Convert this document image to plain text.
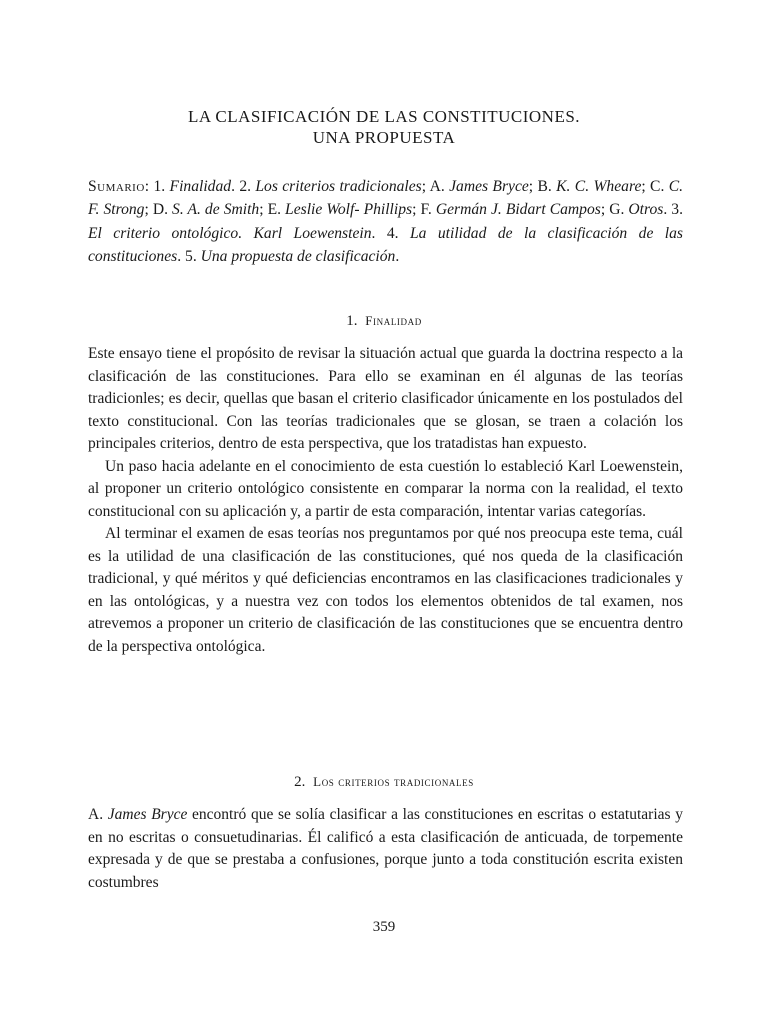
LA CLASIFICACIÓN DE LAS CONSTITUCIONES.
UNA PROPUESTA
Sumario: 1. Finalidad. 2. Los criterios tradicionales; A. James Bryce; B. K. C. Wheare; C. C. F. Strong; D. S. A. de Smith; E. Leslie Wolf- Phillips; F. Germán J. Bidart Campos; G. Otros. 3. El criterio ontológico. Karl Loewenstein. 4. La utilidad de la clasificación de las constituciones. 5. Una propuesta de clasificación.
1. Finalidad

Este ensayo tiene el propósito de revisar la situación actual que guarda la doctrina respecto a la clasificación de las constituciones. Para ello se examinan en él algunas de las teorías tradicionles; es decir, quellas que basan el criterio clasificador únicamente en los postulados del texto constitucional. Con las teorías tradicionales que se glosan, se traen a colación los principales criterios, dentro de esta perspectiva, que los tratadistas han expuesto.

Un paso hacia adelante en el conocimiento de esta cuestión lo estableció Karl Loewenstein, al proponer un criterio ontológico consistente en comparar la norma con la realidad, el texto constitucional con su aplicación y, a partir de esta comparación, intentar varias categorías.

Al terminar el examen de esas teorías nos preguntamos por qué nos preocupa este tema, cuál es la utilidad de una clasificación de las constituciones, qué nos queda de la clasificación tradicional, y qué méritos y qué deficiencias encontramos en las clasificaciones tradicionales y en las ontológicas, y a nuestra vez con todos los elementos obtenidos de tal examen, nos atrevemos a proponer un criterio de clasificación de las constituciones que se encuentra dentro de la perspectiva ontológica.

2. Los criterios tradicionales

A. James Bryce encontró que se solía clasificar a las constituciones en escritas o estatutarias y en no escritas o consuetudinarias. Él calificó a esta clasificación de anticuada, de torpemente expresada y de que se prestaba a confusiones, porque junto a toda constitución escrita existen costumbres

359
